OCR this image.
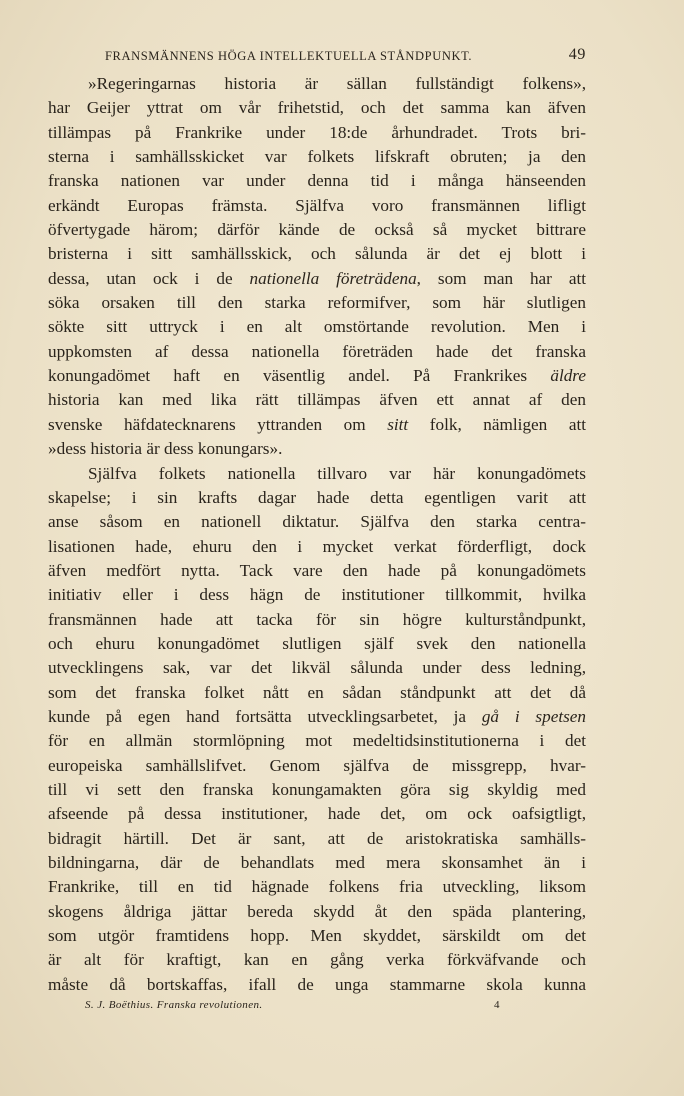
FRANSMÄNNENS HÖGA INTELLEKTUELLA STÅNDPUNKT.	49
»Regeringarnas historia är sällan fullständigt folkens»,
har Geijer yttrat om vår frihetstid, och det samma kan äfven
tillämpas på Frankrike under 18:de århundradet. Trots bri-
sterna i samhällsskicket var folkets lifskraft obruten; ja den
franska nationen var under denna tid i många hänseenden
erkändt Europas främsta. Själfva voro fransmännen lifligt
öfvertygade härom; därför kände de också så mycket bittrare
bristerna i sitt samhällsskick, och sålunda är det ej blott i
dessa, utan ock i de nationella företrädena, som man har att
söka orsaken till den starka reformifver, som här slutligen
sökte sitt uttryck i en alt omstörtande revolution. Men i
uppkomsten af dessa nationella företräden hade det franska
konungadömet haft en väsentlig andel. På Frankrikes äldre
historia kan med lika rätt tillämpas äfven ett annat af den
svenske häfdatecknarens yttranden om sitt folk, nämligen att
»dess historia är dess konungars».
Själfva folkets nationella tillvaro var här konungadömets
skapelse; i sin krafts dagar hade detta egentligen varit att
anse såsom en nationell diktatur. Själfva den starka centra-
lisationen hade, ehuru den i mycket verkat förderfligt, dock
äfven medfört nytta. Tack vare den hade på konungadömets
initiativ eller i dess hägn de institutioner tillkommit, hvilka
fransmännen hade att tacka för sin högre kulturståndpunkt,
och ehuru konungadömet slutligen själf svek den nationella
utvecklingens sak, var det likväl sålunda under dess ledning,
som det franska folket nått en sådan ståndpunkt att det då
kunde på egen hand fortsätta utvecklingsarbetet, ja gå i spetsen
för en allmän stormlöpning mot medeltidsinstitutionerna i det
europeiska samhällslifvet. Genom själfva de missgrepp, hvar-
till vi sett den franska konungamakten göra sig skyldig med
afseende på dessa institutioner, hade det, om ock oafsigtligt,
bidragit härtill. Det är sant, att de aristokratiska samhälls-
bildningarna, där de behandlats med mera skonsamhet än i
Frankrike, till en tid hägnade folkens fria utveckling, liksom
skogens åldriga jättar bereda skydd åt den späda plantering,
som utgör framtidens hopp. Men skyddet, särskildt om det
är alt för kraftigt, kan en gång verka förkväfvande och
måste då bortskaffas, ifall de unga stammarne skola kunna
S. J. Boëthius. Franska revolutionen.	4
